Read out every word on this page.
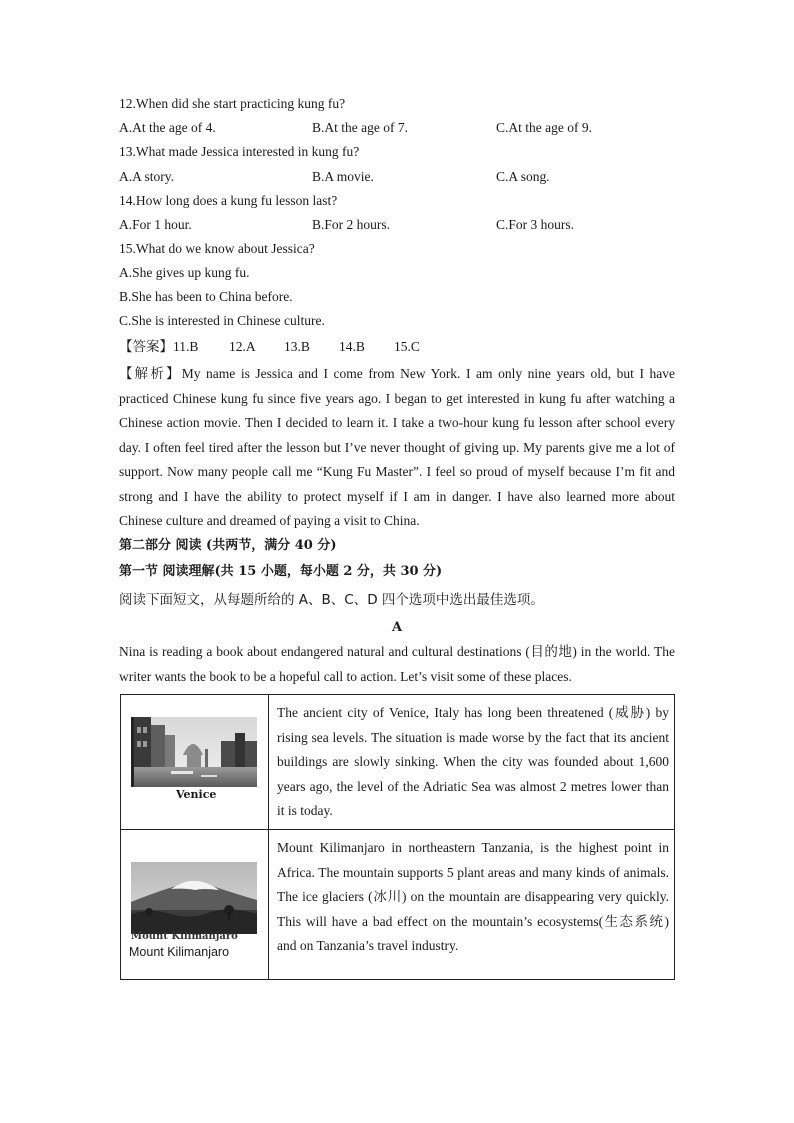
12.When did she start practicing kung fu?
A.At the age of 4.	B.At the age of 7.	C.At the age of 9.
13.What made Jessica interested in kung fu?
A.A story.	B.A movie.	C.A song.
14.How long does a kung fu lesson last?
A.For 1 hour.	B.For 2 hours.	C.For 3 hours.
15.What do we know about Jessica?
A.She gives up kung fu.
B.She has been to China before.
C.She is interested in Chinese culture.
【答案】11.B 12.A 13.B 14.B 15.C
【解析】My name is Jessica and I come from New York. I am only nine years old, but I have practiced Chinese kung fu since five years ago. I began to get interested in kung fu after watching a Chinese action movie. Then I decided to learn it. I take a two-hour kung fu lesson after school every day. I often feel tired after the lesson but I’ve never thought of giving up. My parents give me a lot of support. Now many people call me “Kung Fu Master”. I feel so proud of myself because I’m fit and strong and I have the ability to protect myself if I am in danger. I have also learned more about Chinese culture and dreamed of paying a visit to China.
第二部分 阅读 (共两节，满分 40 分)
第一节 阅读理解(共 15 小题，每小题 2 分，共 30 分)
阅读下面短文，从每题所给的 A、B、C、D 四个选项中选出最佳选项。
A
Nina is reading a book about endangered natural and cultural destinations (目的地) in the world. The writer wants the book to be a hopeful call to action. Let’s visit some of these places.
Venice
The ancient city of Venice, Italy has long been threatened (威胁) by rising sea levels. The situation is made worse by the fact that its ancient buildings are slowly sinking. When the city was founded about 1,600 years ago, the level of the Adriatic Sea was almost 2 metres lower than it is today.
Mount Kilimanjaro
Mount Kilimanjaro
Mount Kilimanjaro in northeastern Tanzania, is the highest point in Africa. The mountain supports 5 plant areas and many kinds of animals. The ice glaciers (冰川) on the mountain are disappearing very quickly. This will have a bad effect on the mountain’s ecosystems(生态系统) and on Tanzania’s travel industry.
